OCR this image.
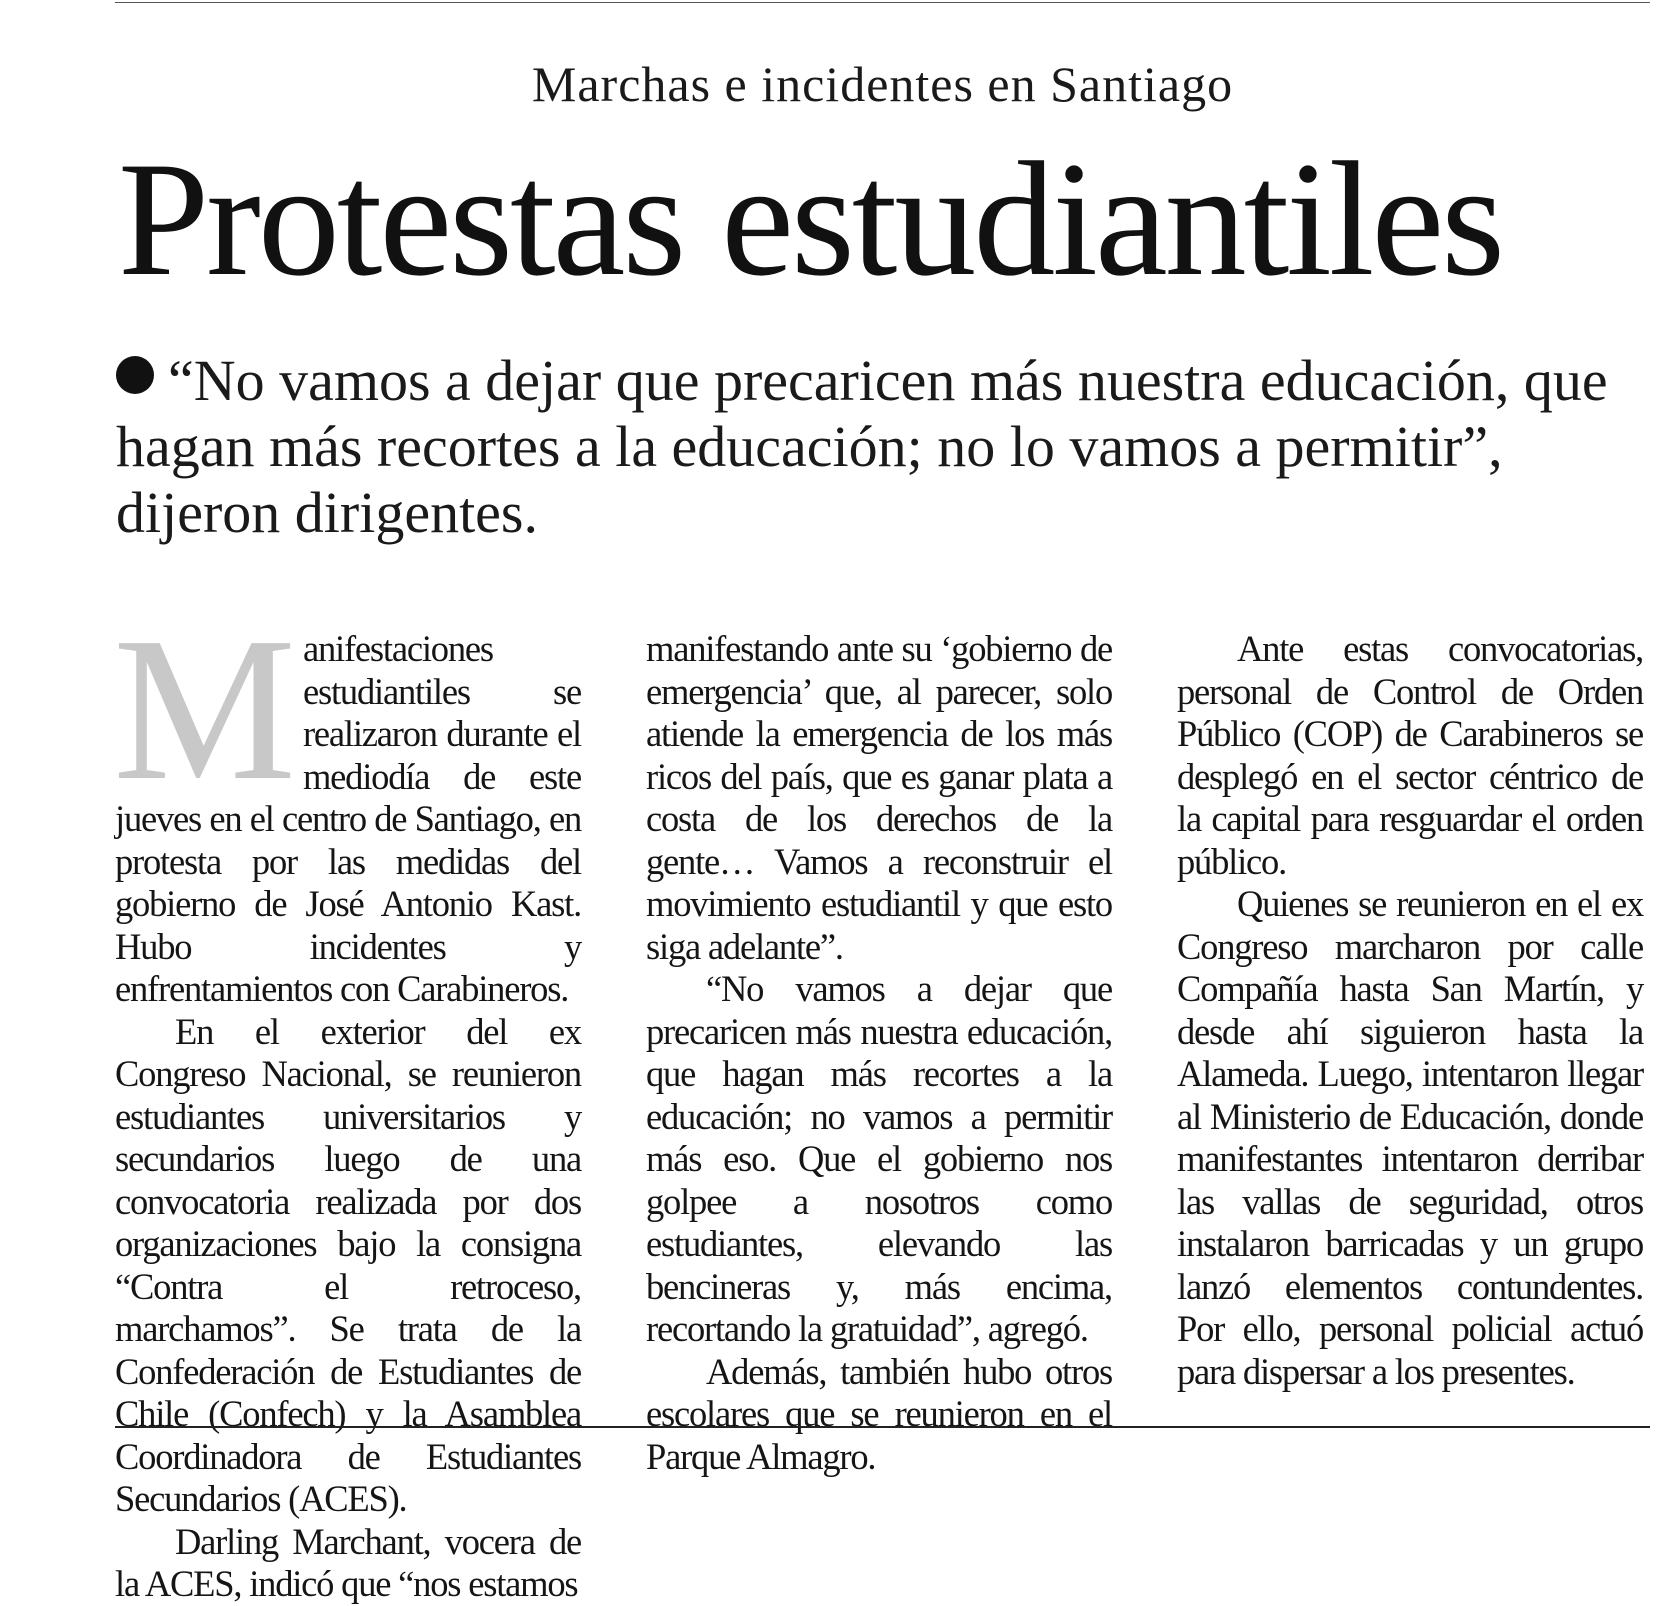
Marchas e incidentes en Santiago
Protestas estudiantiles
“No vamos a dejar que precaricen más nuestra educación, que hagan más recortes a la educación; no lo vamos a permitir”, dijeron dirigentes.
M anifestaciones estudiantiles se realizaron durante el mediodía de este jueves en el centro de Santiago, en protesta por las medidas del gobierno de José Antonio Kast. Hubo incidentes y enfrentamientos con Carabineros.

En el exterior del ex Congreso Nacional, se reunieron estudiantes universitarios y secundarios luego de una convocatoria realizada por dos organizaciones bajo la consigna “Contra el retroceso, marchamos”. Se trata de la Confederación de Estudiantes de Chile (Confech) y la Asamblea Coordinadora de Estudiantes Secundarios (ACES).

Darling Marchant, vocera de la ACES, indicó que “nos estamos

manifestando ante su ‘gobierno de emergencia’ que, al parecer, solo atiende la emergencia de los más ricos del país, que es ganar plata a costa de los derechos de la gente… Vamos a reconstruir el movimiento estudiantil y que esto siga adelante”.

“No vamos a dejar que precaricen más nuestra educación, que hagan más recortes a la educación; no vamos a permitir más eso. Que el gobierno nos golpee a nosotros como estudiantes, elevando las bencineras y, más encima, recortando la gratuidad”, agregó.

Además, también hubo otros escolares que se reunieron en el Parque Almagro.

Ante estas convocatorias, personal de Control de Orden Público (COP) de Carabineros se desplegó en el sector céntrico de la capital para resguardar el orden público.

Quienes se reunieron en el ex Congreso marcharon por calle Compañía hasta San Martín, y desde ahí siguieron hasta la Alameda. Luego, intentaron llegar al Ministerio de Educación, donde manifestantes intentaron derribar las vallas de seguridad, otros instalaron barricadas y un grupo lanzó elementos contundentes. Por ello, personal policial actuó para dispersar a los presentes.
